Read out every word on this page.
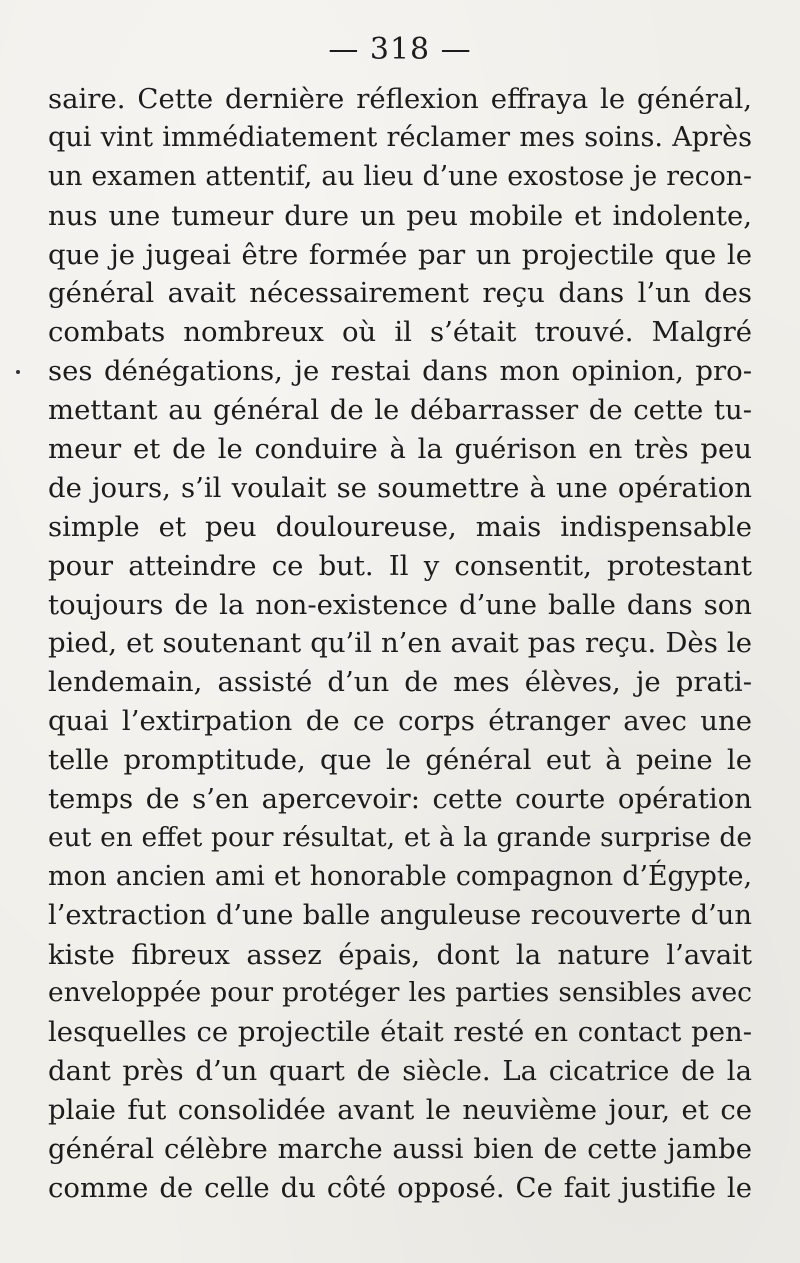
— 318 —
saire. Cette dernière réflexion effraya le général,
qui vint immédiatement réclamer mes soins. Après
un examen attentif, au lieu d’une exostose je recon-
nus une tumeur dure un peu mobile et indolente,
que je jugeai être formée par un projectile que le
général avait nécessairement reçu dans l’un des
combats nombreux où il s’était trouvé. Malgré
ses dénégations, je restai dans mon opinion, pro-
mettant au général de le débarrasser de cette tu-
meur et de le conduire à la guérison en très peu
de jours, s’il voulait se soumettre à une opération
simple et peu douloureuse, mais indispensable
pour atteindre ce but. Il y consentit, protestant
toujours de la non-existence d’une balle dans son
pied, et soutenant qu’il n’en avait pas reçu. Dès le
lendemain, assisté d’un de mes élèves, je prati-
quai l’extirpation de ce corps étranger avec une
telle promptitude, que le général eut à peine le
temps de s’en apercevoir: cette courte opération
eut en effet pour résultat, et à la grande surprise de
mon ancien ami et honorable compagnon d’Égypte,
l’extraction d’une balle anguleuse recouverte d’un
kiste fibreux assez épais, dont la nature l’avait
enveloppée pour protéger les parties sensibles avec
lesquelles ce projectile était resté en contact pen-
dant près d’un quart de siècle. La cicatrice de la
plaie fut consolidée avant le neuvième jour, et ce
général célèbre marche aussi bien de cette jambe
comme de celle du côté opposé. Ce fait justifie le
